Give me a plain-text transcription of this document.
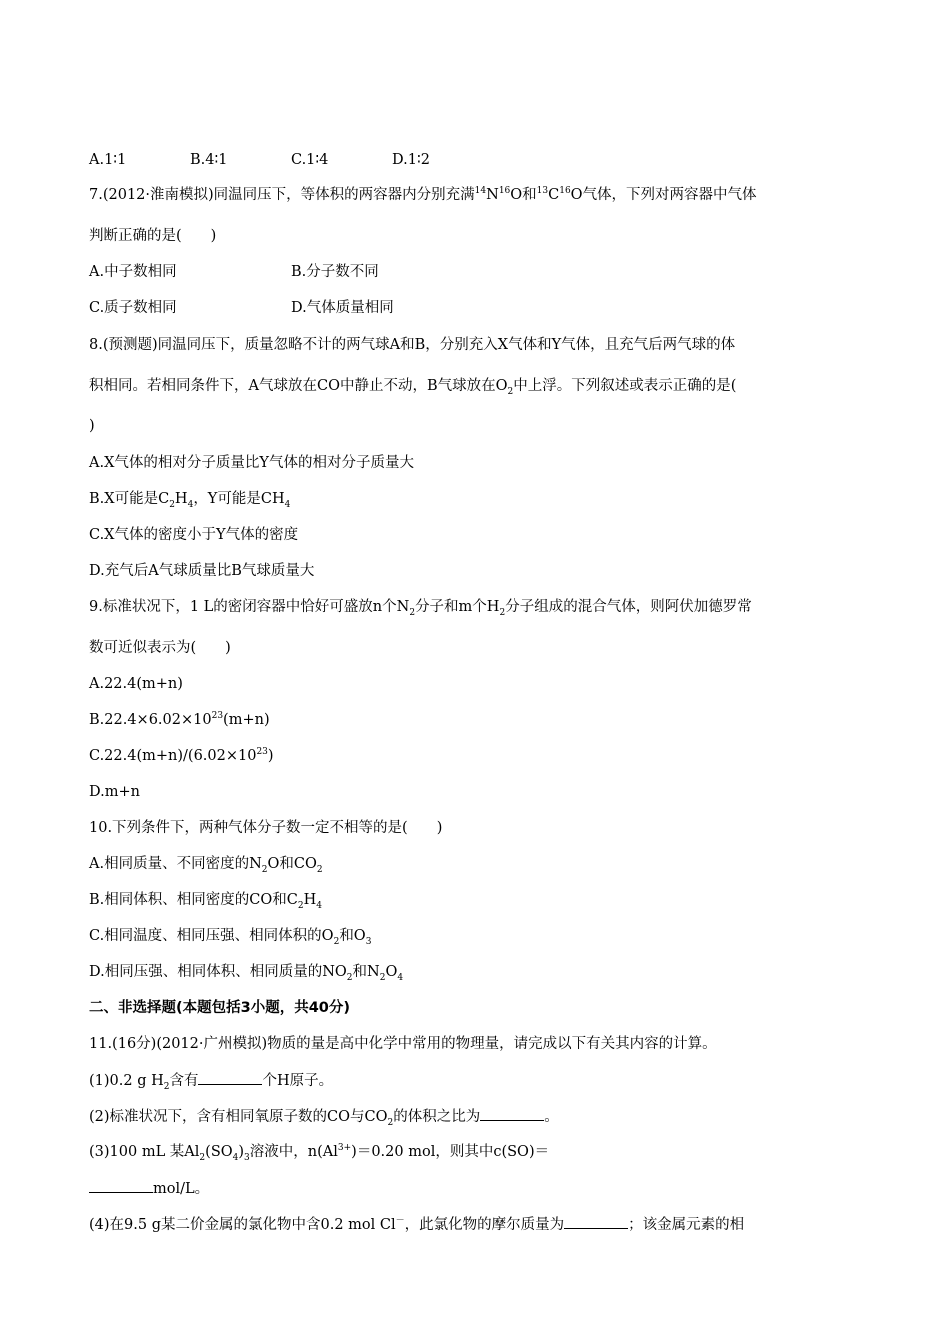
A.1∶1	B.4∶1	C.1∶4	D.1∶2
7.(2012·淮南模拟)同温同压下，等体积的两容器内分别充满$^{14}N^{16}O$和$^{13}C^{16}O$气体，下列对两容器中气体
判断正确的是(　　)
A.中子数相同	B.分子数不同
C.质子数相同	D.气体质量相同
8.(预测题)同温同压下，质量忽略不计的两气球A和B，分别充入X气体和Y气体，且充气后两气球的体
积相同。若相同条件下，A气球放在CO中静止不动，B气球放在$O_2$中上浮。下列叙述或表示正确的是(
)
A.X气体的相对分子质量比Y气体的相对分子质量大
B.X可能是$C_2H_4$，Y可能是$CH_4$
C.X气体的密度小于Y气体的密度
D.充气后A气球质量比B气球质量大
9.标准状况下，1 L的密闭容器中恰好可盛放n个$N_2$分子和m个$H_2$分子组成的混合气体，则阿伏加德罗常
数可近似表示为(　　)
A.22.4(m+n)
$B.22.4\times 6.02\times 10^{23}(m+n)$
$C.22.4(m+n)/(6.02\times 10^{23})$
D.m+n
10.下列条件下，两种气体分子数一定不相等的是(　　)
A.相同质量、不同密度的$N_2O$和$CO_2$
B.相同体积、相同密度的CO和$C_2H_4$
C.相同温度、相同压强、相同体积的$O_2$和$O_3$
D.相同压强、相同体积、相同质量的$NO_2$和$N_2O_4$
二、非选择题(本题包括3小题，共40分)
11.(16分)(2012·广州模拟)物质的量是高中化学中常用的物理量，请完成以下有关其内容的计算。
(1)0.2 g $H_2$含有	个H原子。
(2)标准状况下，含有相同氧原子数的CO与$CO_2$的体积之比为	。
(3)100 mL 某$Al_2(SO_4)_3$溶液中，$n(Al^{3+})=0.20$ mol，则其中c(SO)＝
mol/L。
(4)在9.5 g某二价金属的氯化物中含0.2 mol Cl－，此氯化物的摩尔质量为	；该金属元素的相
